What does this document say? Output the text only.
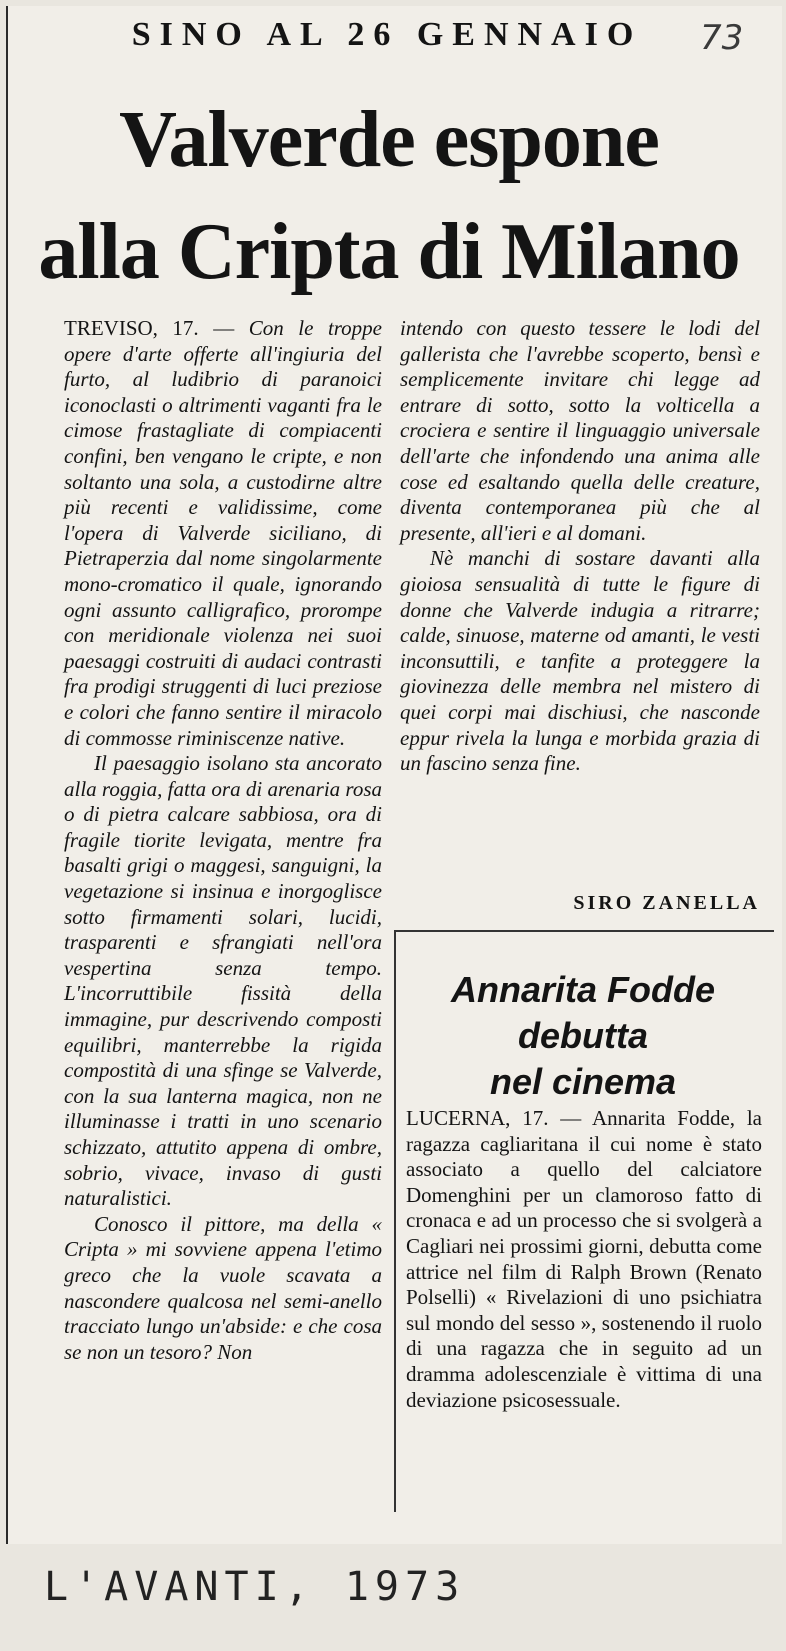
SINO AL 26 GENNAIO	73
Valverde espone
alla Cripta di Milano

TREVISO, 17. — Con le troppe opere d'arte offerte all'ingiuria del furto, al ludibrio di paranoici iconoclasti o altrimenti vaganti fra le cimose frastagliate di compiacenti confini, ben vengano le cripte, e non soltanto una sola, a custodirne altre più recenti e validissime, come l'opera di Valverde siciliano, di Pietraperzia dal nome singolarmente mono-cromatico il quale, ignorando ogni assunto calligrafico, prorompe con meridionale violenza nei suoi paesaggi costruiti di audaci contrasti fra prodigi struggenti di luci preziose e colori che fanno sentire il miracolo di commosse riminiscenze native.

Il paesaggio isolano sta ancorato alla roggia, fatta ora di arenaria rosa o di pietra calcare sabbiosa, ora di fragile tiorite levigata, mentre fra basalti grigi o maggesi, sanguigni, la vegetazione si insinua e inorgoglisce sotto firmamenti solari, lucidi, trasparenti e sfrangiati nell'ora vespertina senza tempo. L'incorruttibile fissità della immagine, pur descrivendo composti equilibri, manterrebbe la rigida compostità di una sfinge se Valverde, con la sua lanterna magica, non ne illuminasse i tratti in uno scenario schizzato, attutito appena di ombre, sobrio, vivace, invaso di gusti naturalistici.

Conosco il pittore, ma della « Cripta » mi sovviene appena l'etimo greco che la vuole scavata a nascondere qualcosa nel semi-anello tracciato lungo un'abside: e che cosa se non un tesoro? Non

intendo con questo tessere le lodi del gallerista che l'avrebbe scoperto, bensì e semplicemente invitare chi legge ad entrare di sotto, sotto la volticella a crociera e sentire il linguaggio universale dell'arte che infondendo una anima alle cose ed esaltando quella delle creature, diventa contemporanea più che al presente, all'ieri e al domani.

Nè manchi di sostare davanti alla gioiosa sensualità di tutte le figure di donne che Valverde indugia a ritrarre; calde, sinuose, materne od amanti, le vesti inconsuttili, e tanfite a proteggere la giovinezza delle membra nel mistero di quei corpi mai dischiusi, che nasconde eppur rivela la lunga e morbida grazia di un fascino senza fine.

SIRO ZANELLA
Annarita Fodde
debutta
nel cinema
LUCERNA, 17. — Annarita Fodde, la ragazza cagliaritana il cui nome è stato associato a quello del calciatore Domenghini per un clamoroso fatto di cronaca e ad un processo che si svolgerà a Cagliari nei prossimi giorni, debutta come attrice nel film di Ralph Brown (Renato Polselli) « Rivelazioni di uno psichiatra sul mondo del sesso », sostenendo il ruolo di una ragazza che in seguito ad un dramma adolescenziale è vittima di una deviazione psicosessuale.
L'AVANTI, 1973
